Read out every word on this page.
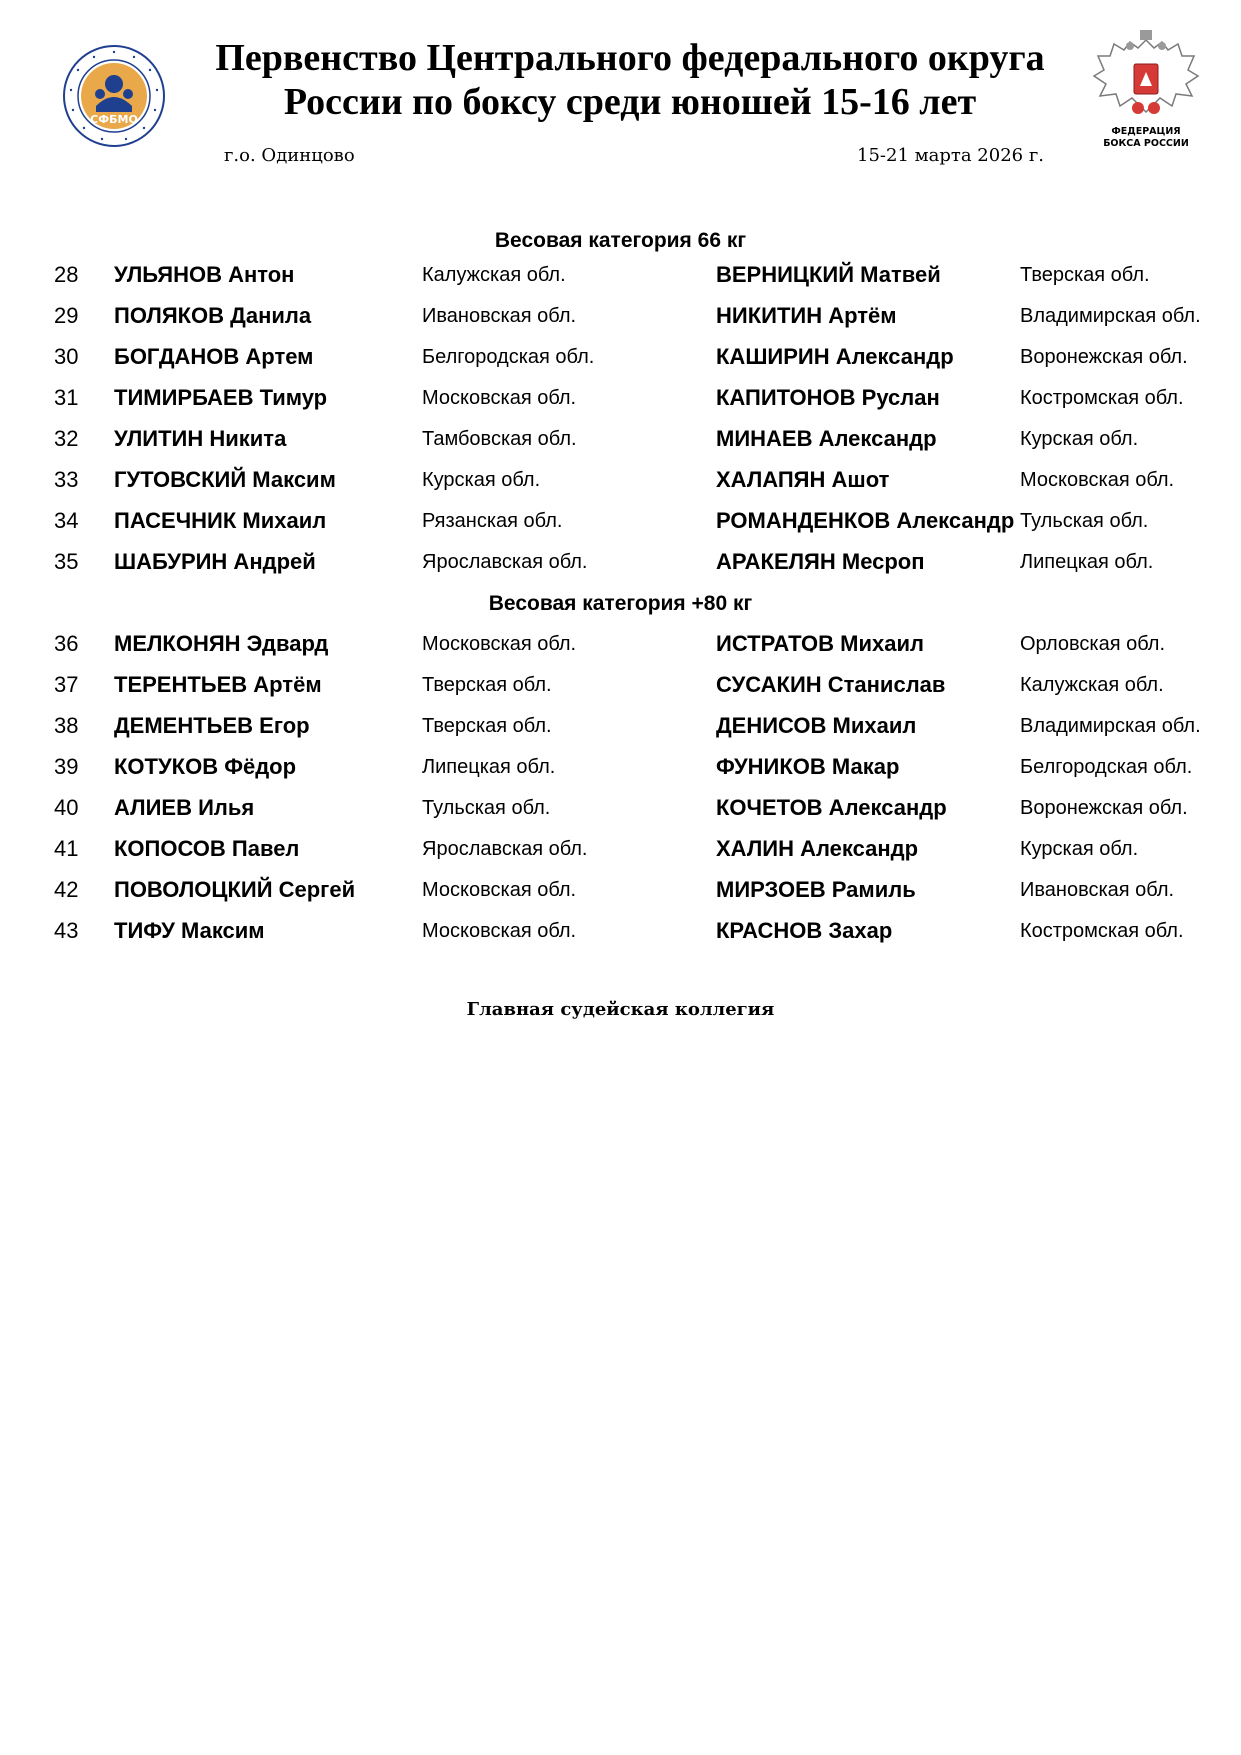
СФБМО
ФЕДЕРАЦИЯ
БОКСА РОССИИ
Первенство Центрального федерального округа
России по боксу среди юношей 15-16 лет
г.о. Одинцово	15-21 марта 2026 г.
Весовая категория 66 кг
28 УЛЬЯНОВ Антон	Калужская обл.	ВЕРНИЦКИЙ Матвей	Тверская обл.
29 ПОЛЯКОВ Данила	Ивановская обл.	НИКИТИН Артём	Владимирская обл.
30 БОГДАНОВ Артем	Белгородская обл.	КАШИРИН Александр	Воронежская обл.
31 ТИМИРБАЕВ Тимур	Московская обл.	КАПИТОНОВ Руслан	Костромская обл.
32 УЛИТИН Никита	Тамбовская обл.	МИНАЕВ Александр	Курская обл.
33 ГУТОВСКИЙ Максим	Курская обл.	ХАЛАПЯН Ашот	Московская обл.
34 ПАСЕЧНИК Михаил	Рязанская обл.	РОМАНДЕНКОВ Александр Тульская обл.
35 ШАБУРИН Андрей	Ярославская обл.	АРАКЕЛЯН Месроп	Липецкая обл.
Весовая категория +80 кг
36 МЕЛКОНЯН Эдвард	Московская обл.	ИСТРАТОВ Михаил	Орловская обл.
37 ТЕРЕНТЬЕВ Артём	Тверская обл.	СУСАКИН Станислав	Калужская обл.
38 ДЕМЕНТЬЕВ Егор	Тверская обл.	ДЕНИСОВ Михаил	Владимирская обл.
39 КОТУКОВ Фёдор	Липецкая обл.	ФУНИКОВ Макар	Белгородская обл.
40 АЛИЕВ Илья	Тульская обл.	КОЧЕТОВ Александр	Воронежская обл.
41 КОПОСОВ Павел	Ярославская обл.	ХАЛИН Александр	Курская обл.
42 ПОВОЛОЦКИЙ Сергей	Московская обл.	МИРЗОЕВ Рамиль	Ивановская обл.
43 ТИФУ Максим	Московская обл.	КРАСНОВ Захар	Костромская обл.
Главная судейская коллегия
